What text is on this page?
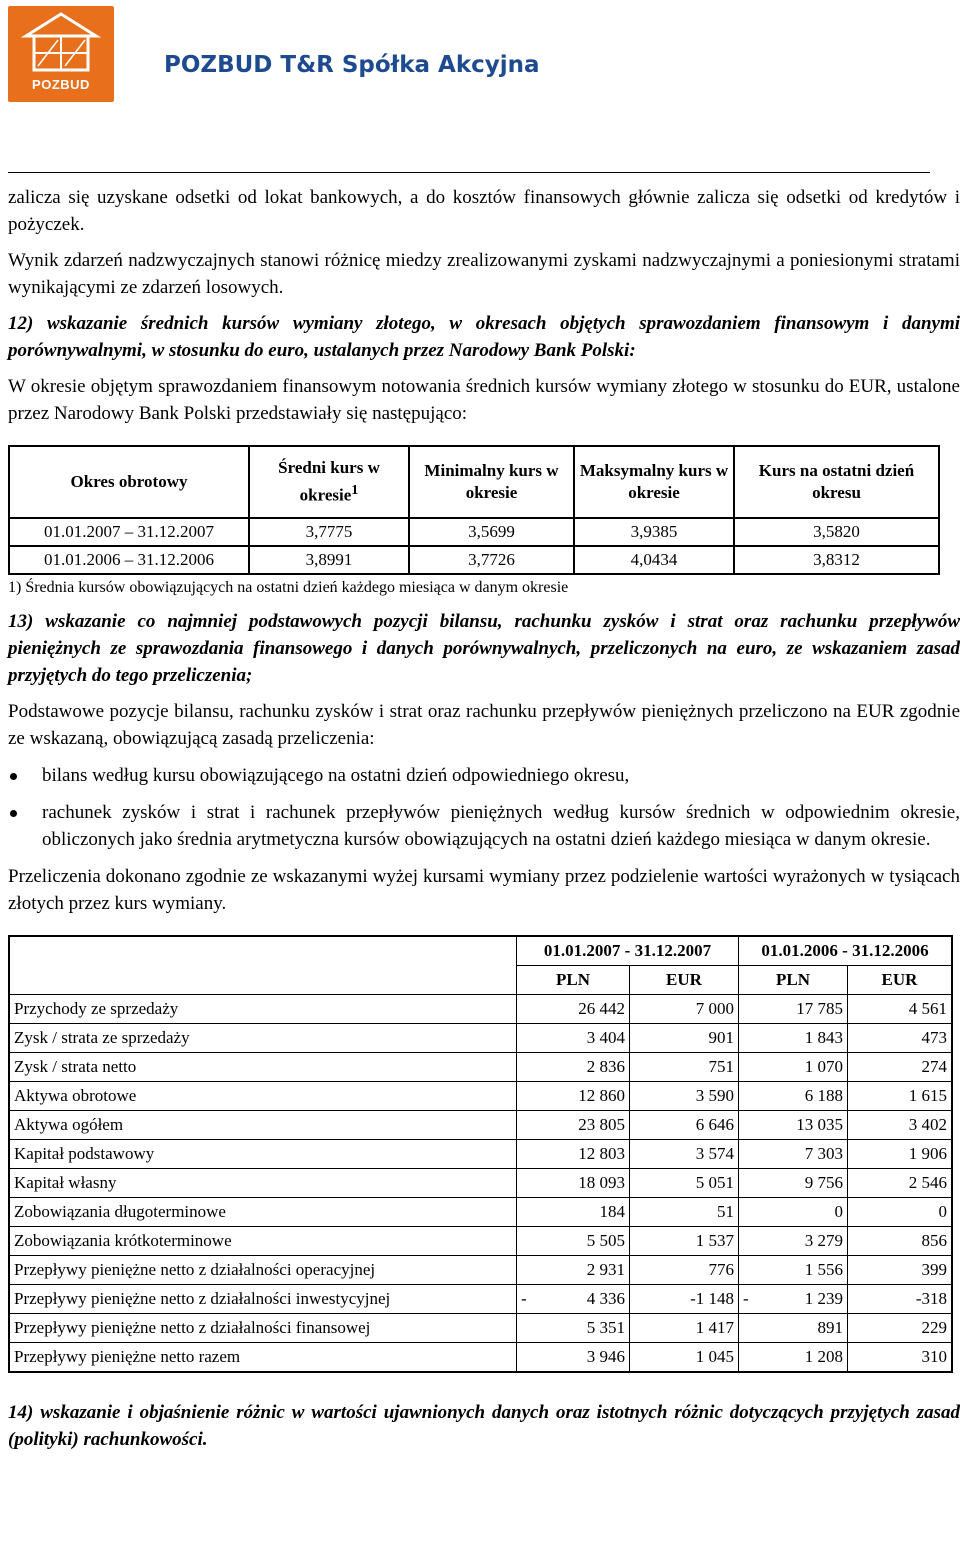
POZBUD
POZBUD T&R Spółka Akcyjna

zalicza się uzyskane odsetki od lokat bankowych, a do kosztów finansowych głównie zalicza się odsetki od kredytów i pożyczek.

Wynik zdarzeń nadzwyczajnych stanowi różnicę miedzy zrealizowanymi zyskami nadzwyczajnymi a poniesionymi stratami wynikającymi ze zdarzeń losowych.

12) wskazanie średnich kursów wymiany złotego, w okresach objętych sprawozdaniem finansowym i danymi porównywalnymi, w stosunku do euro, ustalanych przez Narodowy Bank Polski:

W okresie objętym sprawozdaniem finansowym notowania średnich kursów wymiany złotego w stosunku do EUR, ustalone przez Narodowy Bank Polski przedstawiały się następująco:

Okres obrotowy	Średni kurs w okresie$^1$	Minimalny kurs w okresie	Maksymalny kurs w okresie	Kurs na ostatni dzień okresu
01.01.2007 – 31.12.2007	3,7775	3,5699	3,9385	3,5820
01.01.2006 – 31.12.2006	3,8991	3,7726	4,0434	3,8312
1) Średnia kursów obowiązujących na ostatni dzień każdego miesiąca w danym okresie

13) wskazanie co najmniej podstawowych pozycji bilansu, rachunku zysków i strat oraz rachunku przepływów pieniężnych ze sprawozdania finansowego i danych porównywalnych, przeliczonych na euro, ze wskazaniem zasad przyjętych do tego przeliczenia;

Podstawowe pozycje bilansu, rachunku zysków i strat oraz rachunku przepływów pieniężnych przeliczono na EUR zgodnie ze wskazaną, obowiązującą zasadą przeliczenia:

bilans według kursu obowiązującego na ostatni dzień odpowiedniego okresu,
rachunek zysków i strat i rachunek przepływów pieniężnych według kursów średnich w odpowiednim okresie, obliczonych jako średnia arytmetyczna kursów obowiązujących na ostatni dzień każdego miesiąca w danym okresie.

Przeliczenia dokonano zgodnie ze wskazanymi wyżej kursami wymiany przez podzielenie wartości wyrażonych w tysiącach złotych przez kurs wymiany.

	01.01.2007 - 31.12.2007		01.01.2006 - 31.12.2006	
	PLN	EUR	PLN	EUR
Przychody ze sprzedaży	26 442	7 000	17 785	4 561
Zysk / strata ze sprzedaży	3 404	901	1 843	473
Zysk / strata netto	2 836	751	1 070	274
Aktywa obrotowe	12 860	3 590	6 188	1 615
Aktywa ogółem	23 805	6 646	13 035	3 402
Kapitał podstawowy	12 803	3 574	7 303	1 906
Kapitał własny	18 093	5 051	9 756	2 546
Zobowiązania długoterminowe	184	51	0	0
Zobowiązania krótkoterminowe	5 505	1 537	3 279	856
Przepływy pieniężne netto z działalności operacyjnej	2 931	776	1 556	399
Przepływy pieniężne netto z działalności inwestycyjnej	- 4 336	-1 148	- 1 239	-318
Przepływy pieniężne netto z działalności finansowej	5 351	1 417	891	229
Przepływy pieniężne netto razem	3 946	1 045	1 208	310

14) wskazanie i objaśnienie różnic w wartości ujawnionych danych oraz istotnych różnic dotyczących przyjętych zasad (polityki) rachunkowości.
